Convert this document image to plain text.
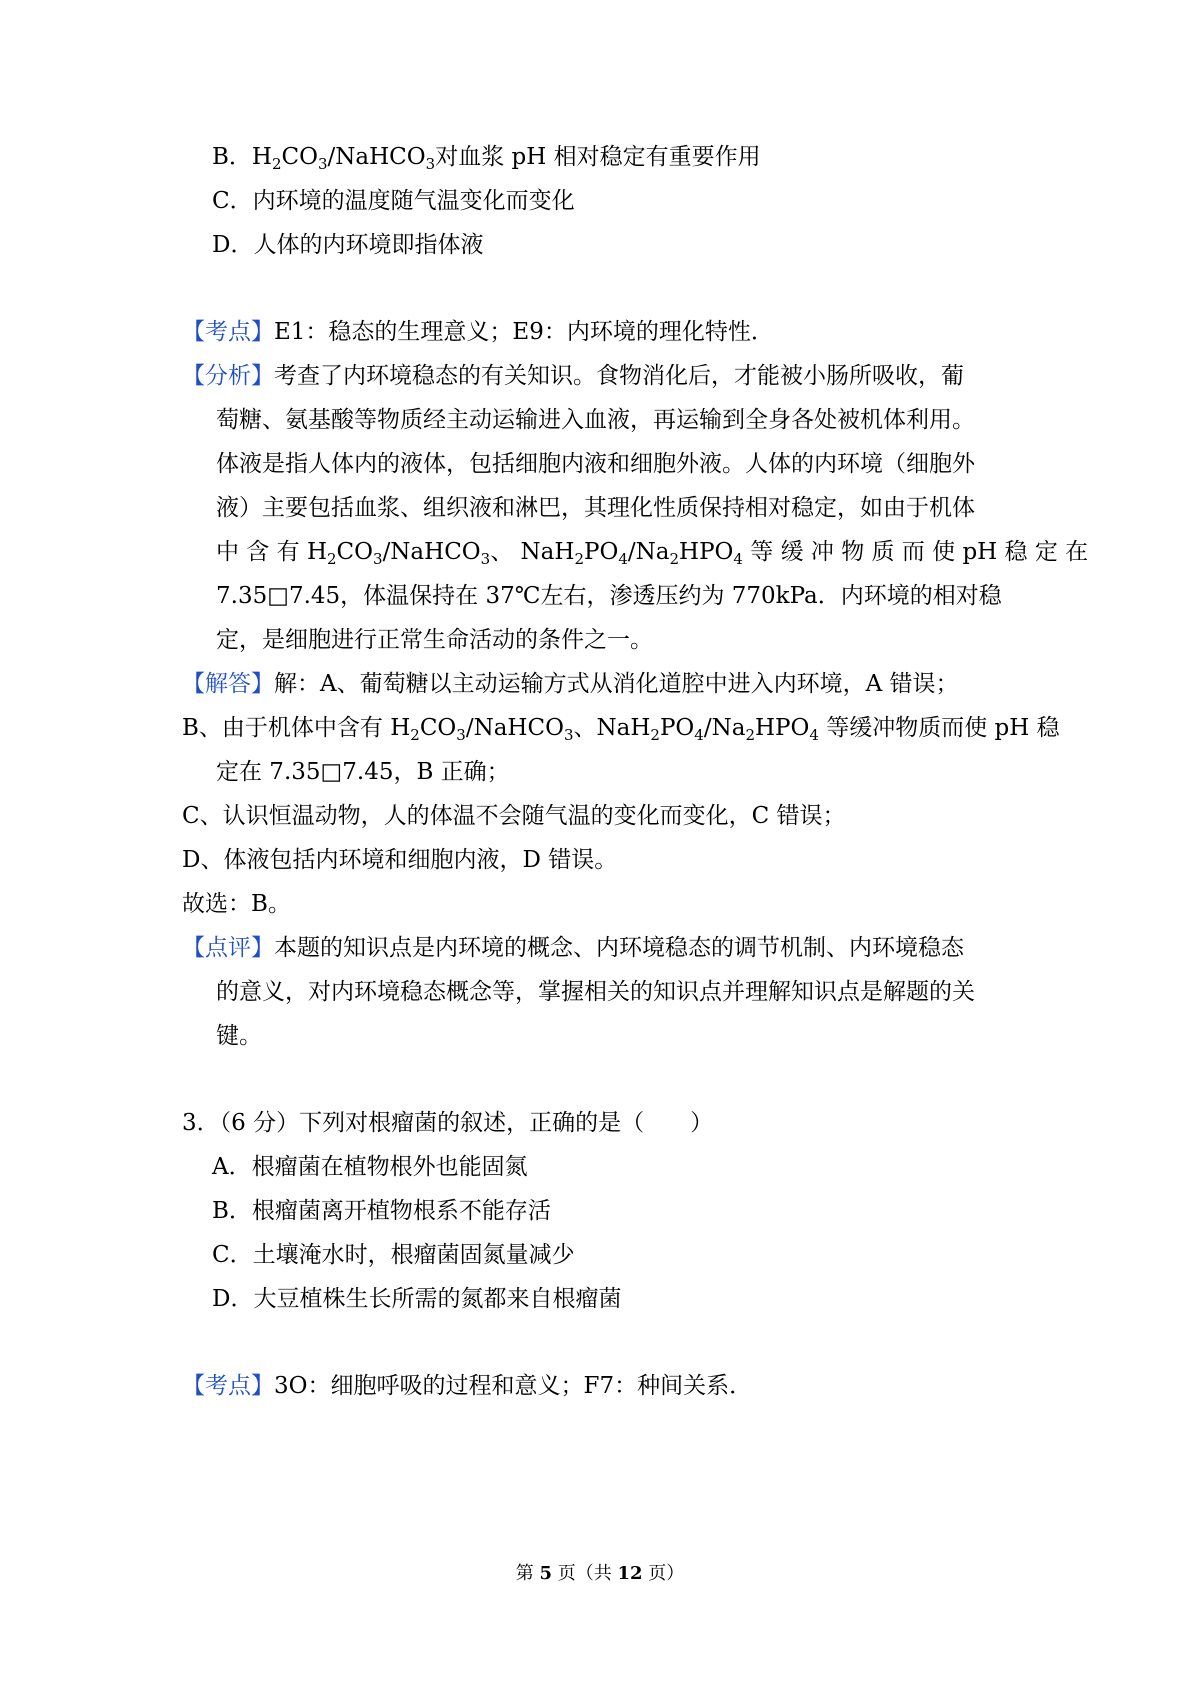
B．$H_2CO_3/NaHCO_3$对血浆 pH 相对稳定有重要作用
C．内环境的温度随气温变化而变化
D．人体的内环境即指体液
【考点】E1：稳态的生理意义；E9：内环境的理化特性．
【分析】考查了内环境稳态的有关知识。食物消化后，才能被小肠所吸收，葡
萄糖、氨基酸等物质经主动运输进入血液，再运输到全身各处被机体利用。
体液是指人体内的液体，包括细胞内液和细胞外液。人体的内环境（细胞外
液）主要包括血浆、组织液和淋巴，其理化性质保持相对稳定，如由于机体
中 含 有 $H_2CO_3/NaHCO_3$、 $NaH_2PO_4/Na_2HPO_4$ 等 缓 冲 物 质 而 使 pH 稳 定 在
7.35□7.45，体温保持在 37℃左右，渗透压约为 770kPa．内环境的相对稳
定，是细胞进行正常生命活动的条件之一。
【解答】解：A、葡萄糖以主动运输方式从消化道腔中进入内环境，A 错误；
B、由于机体中含有 $H_2CO_3/NaHCO_3$、$NaH_2PO_4/Na_2HPO_4$ 等缓冲物质而使 pH 稳
定在 7.35□7.45，B 正确；
C、认识恒温动物，人的体温不会随气温的变化而变化，C 错误；
D、体液包括内环境和细胞内液，D 错误。
故选：B。
【点评】本题的知识点是内环境的概念、内环境稳态的调节机制、内环境稳态
的意义，对内环境稳态概念等，掌握相关的知识点并理解知识点是解题的关
键。
3．（6 分）下列对根瘤菌的叙述，正确的是（　　）
A．根瘤菌在植物根外也能固氮
B．根瘤菌离开植物根系不能存活
C．土壤淹水时，根瘤菌固氮量减少
D．大豆植株生长所需的氮都来自根瘤菌
【考点】3O：细胞呼吸的过程和意义；F7：种间关系．
第 5 页（共 12 页）
